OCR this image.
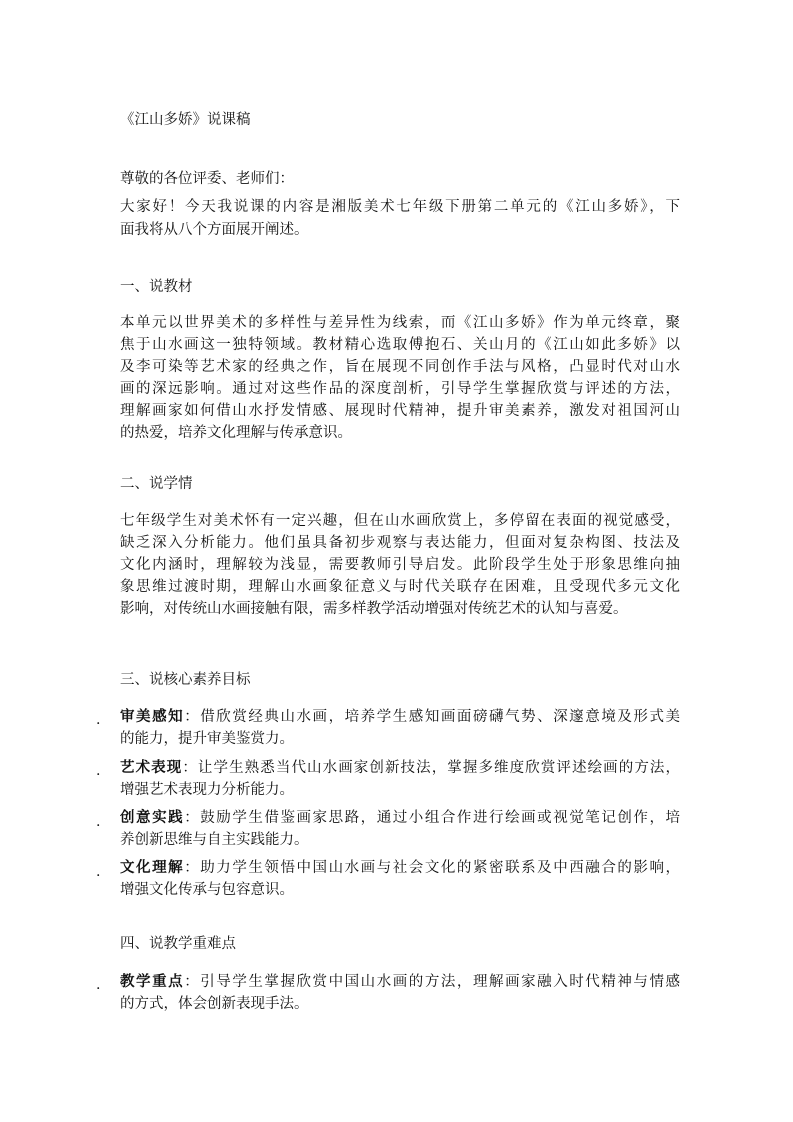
《江山多娇》说课稿
尊敬的各位评委、老师们：
大家好！今天我说课的内容是湘版美术七年级下册第二单元的《江山多娇》，下
面我将从八个方面展开阐述。
一、说教材
本单元以世界美术的多样性与差异性为线索，而《江山多娇》作为单元终章，聚
焦于山水画这一独特领域。教材精心选取傅抱石、关山月的《江山如此多娇》以
及李可染等艺术家的经典之作，旨在展现不同创作手法与风格，凸显时代对山水
画的深远影响。通过对这些作品的深度剖析，引导学生掌握欣赏与评述的方法，
理解画家如何借山水抒发情感、展现时代精神，提升审美素养，激发对祖国河山
的热爱，培养文化理解与传承意识。
二、说学情
七年级学生对美术怀有一定兴趣，但在山水画欣赏上，多停留在表面的视觉感受，
缺乏深入分析能力。他们虽具备初步观察与表达能力，但面对复杂构图、技法及
文化内涵时，理解较为浅显，需要教师引导启发。此阶段学生处于形象思维向抽
象思维过渡时期，理解山水画象征意义与时代关联存在困难，且受现代多元文化
影响，对传统山水画接触有限，需多样教学活动增强对传统艺术的认知与喜爱。
三、说核心素养目标
. 审美感知：借欣赏经典山水画，培养学生感知画面磅礴气势、深邃意境及形式美
的能力，提升审美鉴赏力。
. 艺术表现：让学生熟悉当代山水画家创新技法，掌握多维度欣赏评述绘画的方法，
增强艺术表现力分析能力。
. 创意实践：鼓励学生借鉴画家思路，通过小组合作进行绘画或视觉笔记创作，培
养创新思维与自主实践能力。
. 文化理解：助力学生领悟中国山水画与社会文化的紧密联系及中西融合的影响，
增强文化传承与包容意识。
四、说教学重难点
. 教学重点：引导学生掌握欣赏中国山水画的方法，理解画家融入时代精神与情感
的方式，体会创新表现手法。
